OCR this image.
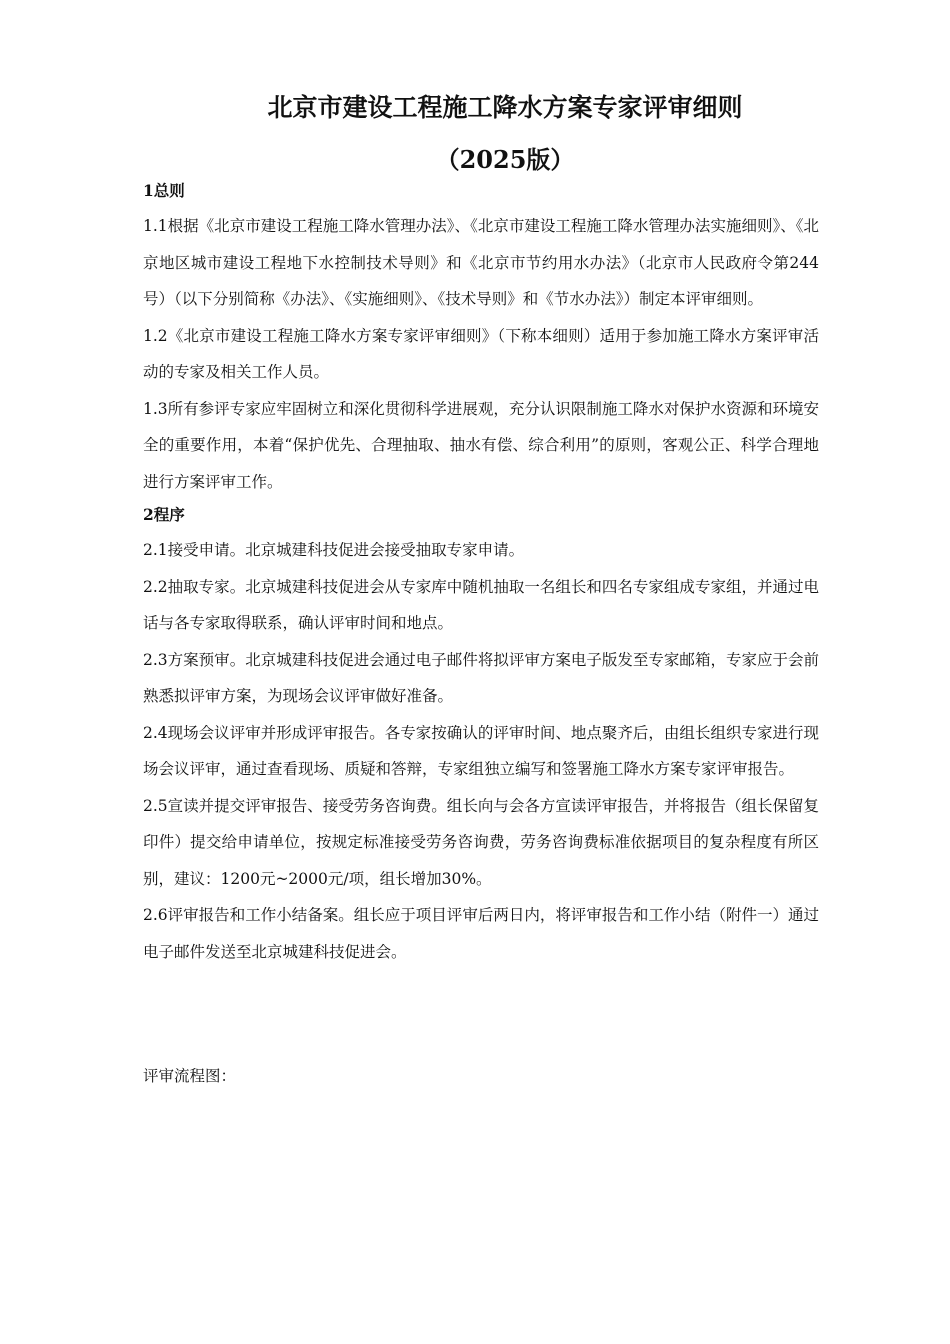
北京市建设工程施工降水方案专家评审细则
（2025版）

1总则

1.1根据《北京市建设工程施工降水管理办法》、《北京市建设工程施工降水管理办法实施细则》、《北京地区城市建设工程地下水控制技术导则》和《北京市节约用水办法》（北京市人民政府令第244号）（以下分别简称《办法》、《实施细则》、《技术导则》和《节水办法》）制定本评审细则。

1.2《北京市建设工程施工降水方案专家评审细则》（下称本细则）适用于参加施工降水方案评审活动的专家及相关工作人员。

1.3所有参评专家应牢固树立和深化贯彻科学进展观，充分认识限制施工降水对保护水资源和环境安全的重要作用，本着“保护优先、合理抽取、抽水有偿、综合利用”的原则，客观公正、科学合理地进行方案评审工作。

2程序

2.1接受申请。北京城建科技促进会接受抽取专家申请。

2.2抽取专家。北京城建科技促进会从专家库中随机抽取一名组长和四名专家组成专家组，并通过电话与各专家取得联系，确认评审时间和地点。

2.3方案预审。北京城建科技促进会通过电子邮件将拟评审方案电子版发至专家邮箱，专家应于会前熟悉拟评审方案，为现场会议评审做好准备。

2.4现场会议评审并形成评审报告。各专家按确认的评审时间、地点聚齐后，由组长组织专家进行现场会议评审，通过查看现场、质疑和答辩，专家组独立编写和签署施工降水方案专家评审报告。

2.5宣读并提交评审报告、接受劳务咨询费。组长向与会各方宣读评审报告，并将报告（组长保留复印件）提交给申请单位，按规定标准接受劳务咨询费，劳务咨询费标准依据项目的复杂程度有所区别，建议：1200元~2000元/项，组长增加30%。

2.6评审报告和工作小结备案。组长应于项目评审后两日内，将评审报告和工作小结（附件一）通过电子邮件发送至北京城建科技促进会。

评审流程图：
